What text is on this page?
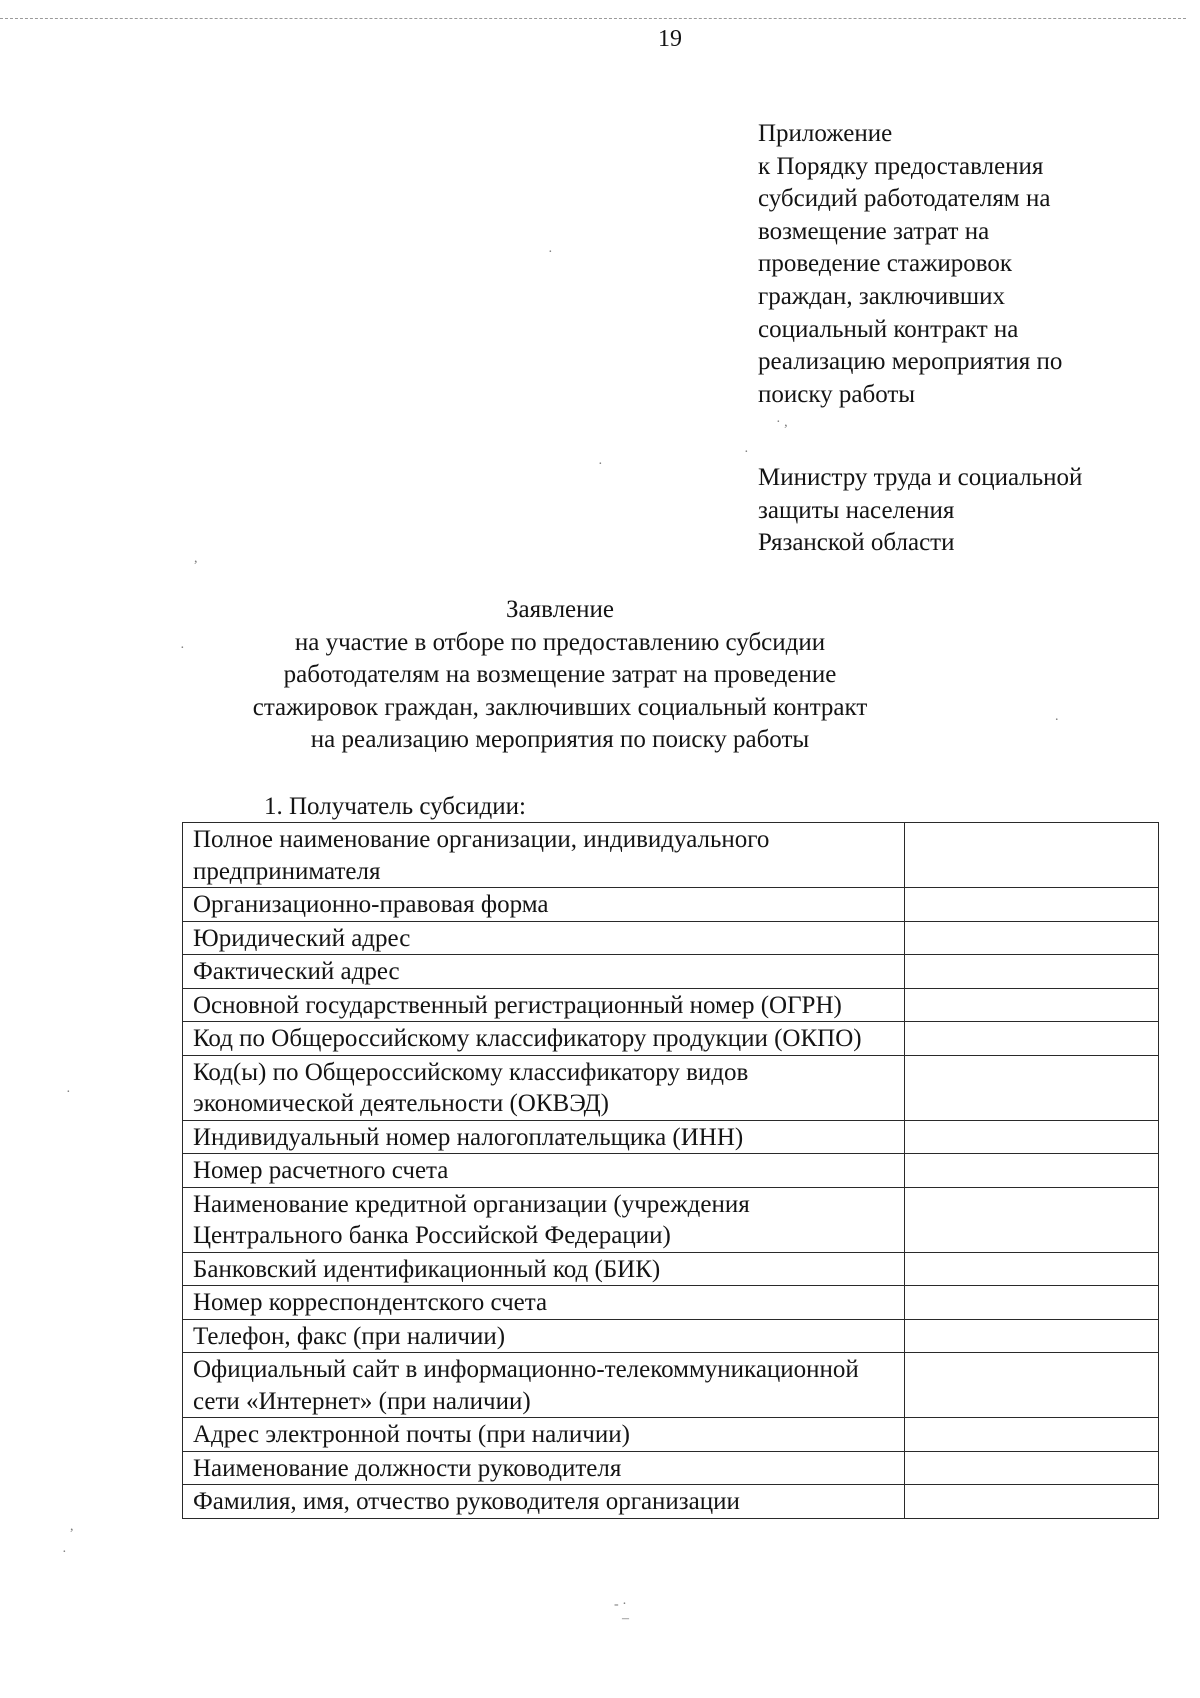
19
Приложение
к Порядку предоставления
субсидий работодателям на
возмещение затрат на
проведение стажировок
граждан, заключивших
социальный контракт на
реализацию мероприятия по
поиску работы
Министру труда и социальной
защиты населения
Рязанской области
Заявление
на участие в отборе по предоставлению субсидии
работодателям на возмещение затрат на проведение
стажировок граждан, заключивших социальный контракт
на реализацию мероприятия по поиску работы
1. Получатель субсидии:
Полное наименование организации, индивидуального предпринимателя	
Организационно-правовая форма	
Юридический адрес	
Фактический адрес	
Основной государственный регистрационный номер (ОГРН)	
Код по Общероссийскому классификатору продукции (ОКПО)	
Код(ы) по Общероссийскому классификатору видов экономической деятельности (ОКВЭД)	
Индивидуальный номер налогоплательщика (ИНН)	
Номер расчетного счета	
Наименование кредитной организации (учреждения Центрального банка Российской Федерации)	
Банковский идентификационный код (БИК)	
Номер корреспондентского счета	
Телефон, факс (при наличии)	
Официальный сайт в информационно-телекоммуникационной сети «Интернет» (при наличии)	
Адрес электронной почты (при наличии)	
Наименование должности руководителя	
Фамилия, имя, отчество руководителя организации	
·
· ,
·
·
,
·
.
·
,
·
- ·
–
